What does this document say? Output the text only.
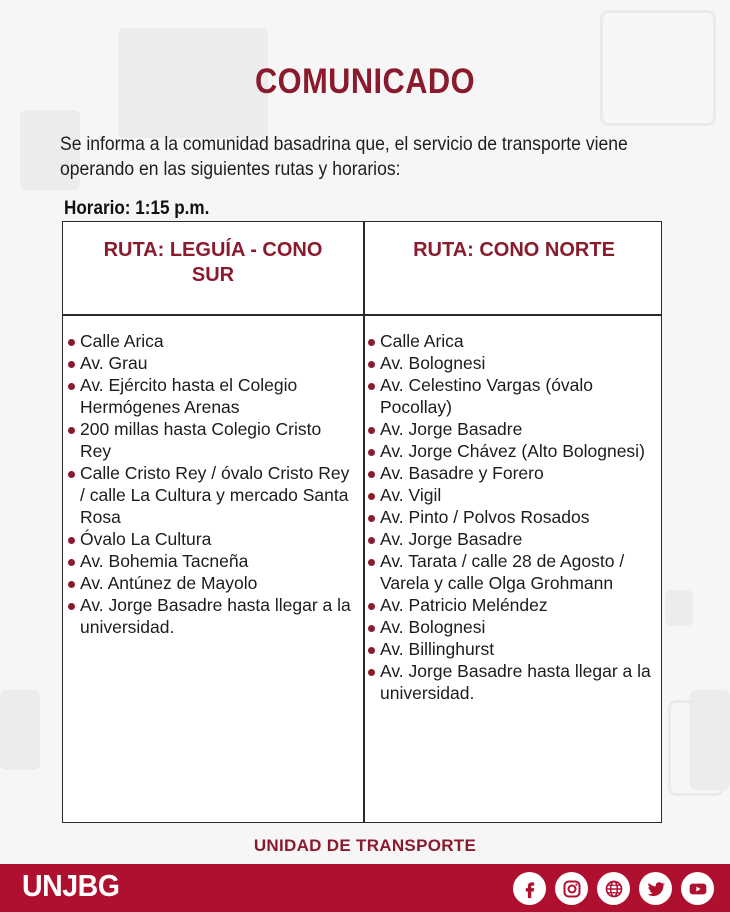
COMUNICADO
Se informa a la comunidad basadrina que, el servicio de transporte viene
operando en las siguientes rutas y horarios:
Horario: 1:15 p.m.
RUTA: LEGUÍA - CONO SUR
RUTA: CONO NORTE
Calle Arica
Av. Grau
Av. Ejército hasta el Colegio Hermógenes Arenas
200 millas hasta Colegio Cristo Rey
Calle Cristo Rey / óvalo Cristo Rey / calle La Cultura y mercado Santa Rosa
Óvalo La Cultura
Av. Bohemia Tacneña
Av. Antúnez de Mayolo
Av. Jorge Basadre hasta llegar a la universidad.
Calle Arica
Av. Bolognesi
Av. Celestino Vargas (óvalo Pocollay)
Av. Jorge Basadre
Av. Jorge Chávez (Alto Bolognesi)
Av. Basadre y Forero
Av. Vigil
Av. Pinto / Polvos Rosados
Av. Jorge Basadre
Av. Tarata / calle 28 de Agosto / Varela y calle Olga Grohmann
Av. Patricio Meléndez
Av. Bolognesi
Av. Billinghurst
Av. Jorge Basadre hasta llegar a la universidad.
UNIDAD DE TRANSPORTE
UNJBG
